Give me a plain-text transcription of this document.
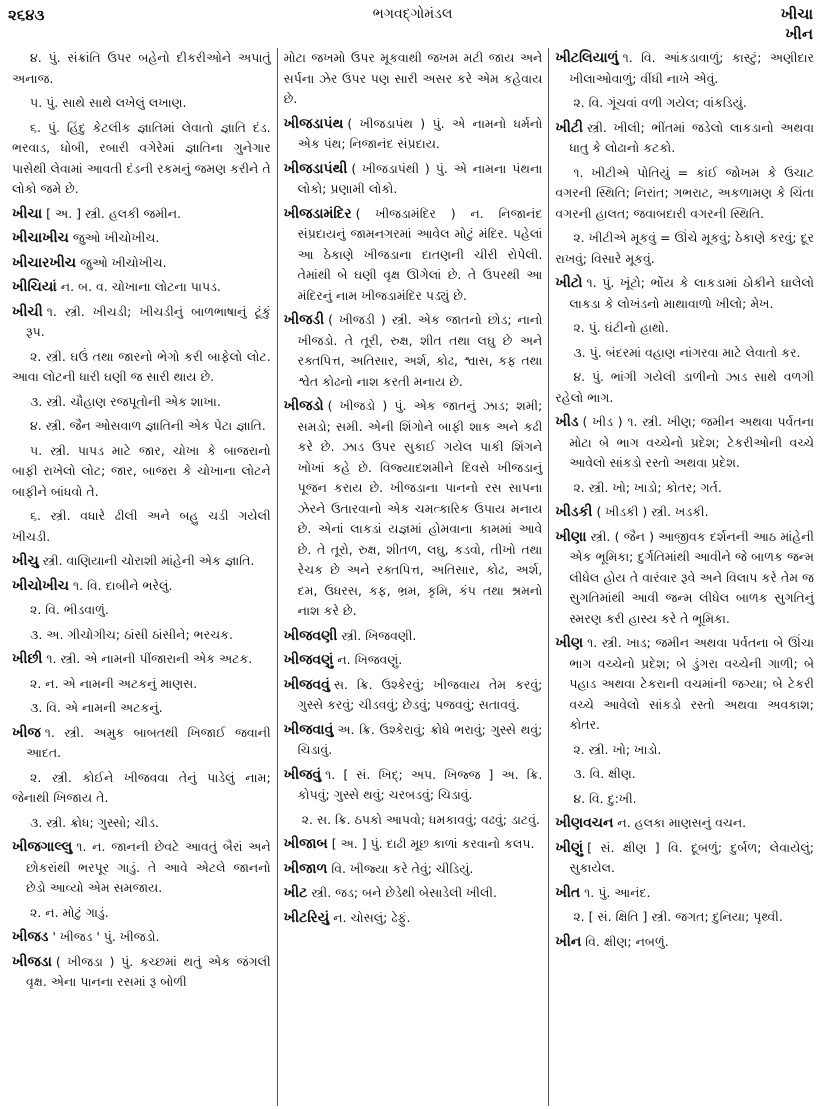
૨૬૪૩	ભગવદ્ગોમંડલ	ખીચા
ખીન
૪. પું. સંક્રાંતિ ઉપર બહેનો દીકરીઓને અપાતું અનાજ.
૫. પું. સાથે સાથે લખેલું લખાણ.
૬. પું. હિંદુ કેટલીક જ્ઞાતિમાં લેવાતો જ્ઞાતિ દંડ. ભરવાડ, ધોબી, રબારી વગેરેમાં જ્ઞાતિના ગુનેગાર પાસેથી લેવામાં આવતી દંડની રકમનું જમણ કરીને તે લોકો જમે છે.
ખીચા [ અ. ] સ્ત્રી. હલકી જમીન.
ખીચાખીચ જુઓ ખીચોખીચ.
ખીચારખીચ જુઓ ખીચોખીચ.
ખીચિયાં ન. બ. વ. ચોખાના લોટના પાપડ.
ખીચી ૧. સ્ત્રી. ખીચડી; ખીચડીનું બાળભાષાનું ટૂંકું રૂપ.
૨. સ્ત્રી. ઘઉં તથા જારનો ભેગો કરી બાફેલો લોટ. આવા લોટની ધારી ઘણી જ સારી થાય છે.
૩. સ્ત્રી. ચૌહાણ રજપૂતોની એક શાખા.
૪. સ્ત્રી. જૈન ઓસવાળ જ્ઞાતિની એક પેટા જ્ઞાતિ.
૫. સ્ત્રી. પાપડ માટે જાર, ચોખા કે બાજરાનો બાફી રાખેલો લોટ; જાર, બાજરા કે ચોખાના લોટને બાફીને બાંધવો તે.
૬. સ્ત્રી. વધારે ઢીલી અને બહુ ચડી ગયેલી ખીચડી.
ખીચુ સ્ત્રી. વાણિયાની ચોરાશી માંહેની એક જ્ઞાતિ.
ખીચોખીચ ૧. વિ. દાબીને ભરેલું.
૨. વિ. ભીડવાળું.
૩. અ. ગીચોગીચ; ઠાંસી ઠાંસીને; ભરચક.
ખીછી ૧. સ્ત્રી. એ નામની પીંજારાની એક અટક.
૨. ન. એ નામની અટકનું માણસ.
૩. વિ. એ નામની અટકનું.
ખીજ ૧. સ્ત્રી. અમુક બાબતથી ખિજાઈ જવાની આદત.
૨. સ્ત્રી. કોઈને ખીજવવા તેનું પાડેલું નામ; જેનાથી ખિજાય તે.
૩. સ્ત્રી. ક્રોધ; ગુસ્સો; ચીડ.
ખીજગાલ્લુ ૧. ન. જાનની છેવટે આવતું બૈરાં અને છોકરાંથી ભરપૂર ગાડું. તે આવે એટલે જાનનો છેડો આવ્યો એમ સમજાય.
૨. ન. મોટું ગાડું.
ખીજડ ' ખીજડ ' પું. ખીજડો.
ખીજડા ( ખીજડા ) પું. કચ્છમાં થતું એક જંગલી વૃક્ષ. એના પાનના રસમાં રૂ બોળી
મોટા જખમો ઉપર મૂકવાથી જખમ મટી જાય અને સર્પના ઝેર ઉપર પણ સારી અસર કરે એમ કહેવાય છે.
ખીજડાપંથ ( ખીજડાપંથ ) પું. એ નામનો ધર્મનો એક પંથ; નિજાનંદ સંપ્રદાય.
ખીજડાપંથી ( ખીજડાપંથી ) પું. એ નામના પંથના લોકો; પ્રણામી લોકો.
ખીજડામંદિર ( ખીજડામંદિર ) ન. નિજાનંદ સંપ્રદાયનું જામનગરમાં આવેલ મોટું મંદિર. પહેલાં આ ઠેકાણે ખીજડાના દાતણની ચીરી રોપેલી. તેમાંથી બે ઘણી વૃક્ષ ઊગેલાં છે. તે ઉપરથી આ મંદિરનું નામ ખીજડામંદિર પડ્યું છે.
ખીજડી ( ખીજડી ) સ્ત્રી. એક જાતનો છોડ; નાનો ખીજડો. તે તૂરી, રુક્ષ, શીત તથા લઘુ છે અને રક્તપિત્ત, અતિસાર, અર્શ, કોઢ, શ્વાસ, કફ તથા શ્વેત કોઢનો નાશ કરતી મનાય છે.
ખીજડો ( ખીજડો ) પું. એક જાતનું ઝાડ; શમી; સમડો; સમી. એની શિંગોને બાફી શાક અને કઢી કરે છે. ઝાડ ઉપર સુકાઈ ગયેલ પાકી શિંગને ખોખાં કહે છે. વિજ્યાદશમીને દિવસે ખીજડાનું પૂજન કરાય છે. ખીજડાના પાનનો રસ સાપના ઝેરને ઉતારવાનો એક ચમત્કારિક ઉપાય મનાય છે. એનાં લાકડાં યજ્ઞમાં હોમવાના કામમાં આવે છે. તે તૂરો, રુક્ષ, શીતળ, લઘુ, કડવો, તીખો તથા રેચક છે અને રક્તપિત્ત, અતિસાર, કોઢ, અર્શ, દમ, ઉધરસ, કફ, ભ્રમ, કૃમિ, કંપ તથા શ્રમનો નાશ કરે છે.
ખીજવણી સ્ત્રી. ખિજવણી.
ખીજવણું ન. ખિજવણું.
ખીજવવું સ. ક્રિ. ઉશ્કેરવું; ખીજવાય તેમ કરવું; ગુસ્સે કરવું; ચીડવવું; છેડવું; પજવવું; સતાવવું.
ખીજવાવું અ. ક્રિ. ઉશ્કેરાવું; ક્રોધે ભરાવું; ગુસ્સે થવું; ચિડાવું.
ખીજવું ૧. [ સં. ખિદ્; અપ. ખિજ્જ ] અ. ક્રિ. કોપવું; ગુસ્સે થવું; ચરબડવું; ચિડાવું.
૨. સ. ક્રિ. ઠપકો આપવો; ધમકાવવું; વઢવું; ડાટવું.
ખીજાબ [ અ. ] પું. દાઢી મૂછ કાળાં કરવાનો કલપ.
ખીજાળ વિ. ખીજ્યા કરે તેવું; ચીડિયું.
ખીટ સ્ત્રી. જડ; બને છેડેથી બેસાડેલી ખીલી.
ખીટરિયું ન. ચોસલું; ઢેફું.
ખીટલિયાળું ૧. વિ. આંકડાવાળું; કાસ્ટું; અણીદાર ખીલાઓવાળું; વીંધી નાખે એવું.
૨. વિ. ગૂંચવાં વળી ગયેલ; વાંકડિયું.
ખીટી સ્ત્રી. ખીલી; ભીંતમાં જડેલો લાકડાનો અથવા ધાતુ કે લોઢાનો કટકો.
૧. ખીટીએ પોતિયું = કાંઈ જોખમ કે ઉચાટ વગરની સ્થિતિ; નિરાંત; ગભરાટ, અકળામણ કે ચિંતા વગરની હાલત; જવાબદારી વગરની સ્થિતિ.
૨. ખીટીએ મૂકવું = ઊંચે મૂકવું; ઠેકાણે કરવું; દૂર રાખવું; વિસારે મૂકવું.
ખીટો ૧. પું. ખૂંટો; ભોંય કે લાકડામાં ઠોકીને ઘાલેલો લાકડા કે લોખંડનો માથાવાળો ખીલો; મેખ.
૨. પું. ઘંટીનો હાથો.
૩. પું. બંદરમાં વહાણ નાંગરવા માટે લેવાતો કર.
૪. પું. ભાંગી ગયેલી ડાળીનો ઝાડ સાથે વળગી રહેલો ભાગ.
ખીડ ( ખીડ ) ૧. સ્ત્રી. ખીણ; જમીન અથવા પર્વતના મોટા બે ભાગ વચ્ચેનો પ્રદેશ; ટેકરીઓની વચ્ચે આવેલો સાંકડો રસ્તો અથવા પ્રદેશ.
૨. સ્ત્રી. ખો; ખાડો; કોતર; ગર્ત.
ખીડકી ( ખીડકી ) સ્ત્રી. ખડકી.
ખીણા સ્ત્રી. ( જૈન ) આજીવક દર્શનની આઠ માંહેની એક ભૂમિકા; દુર્ગતિમાંથી આવીને જે બાળક જન્મ લીધેલ હોય તે વારંવાર રૂવે અને વિલાપ કરે તેમ જ સુગતિમાંથી આવી જન્મ લીધેલ બાળક સુગતિનું સ્મરણ કરી હાસ્ય કરે તે ભૂમિકા.
ખીણ ૧. સ્ત્રી. ખાડ; જમીન અથવા પર્વતના બે ઊંચા ભાગ વચ્ચેનો પ્રદેશ; બે ડુંગરા વચ્ચેની ગાળી; બે પહાડ અથવા ટેકરાની વચમાંની જગ્યા; બે ટેકરી વચ્ચે આવેલો સાંકડો રસ્તો અથવા અવકાશ; કોતર.
૨. સ્ત્રી. ખો; ખાડો.
૩. વિ. ક્ષીણ.
૪. વિ. દુ:ખી.
ખીણવચન ન. હલકા માણસનું વચન.
ખીણું [ સં. ક્ષીણ ] વિ. દૂબળું; દુર્બળ; લેવાયેલું; સુકાયેલ.
ખીત ૧. પું. આનંદ.
૨. [ સં. ક્ષિતિ ] સ્ત્રી. જગત; દુનિયા; પૃથ્વી.
ખીન વિ. ક્ષીણ; નબળું.
